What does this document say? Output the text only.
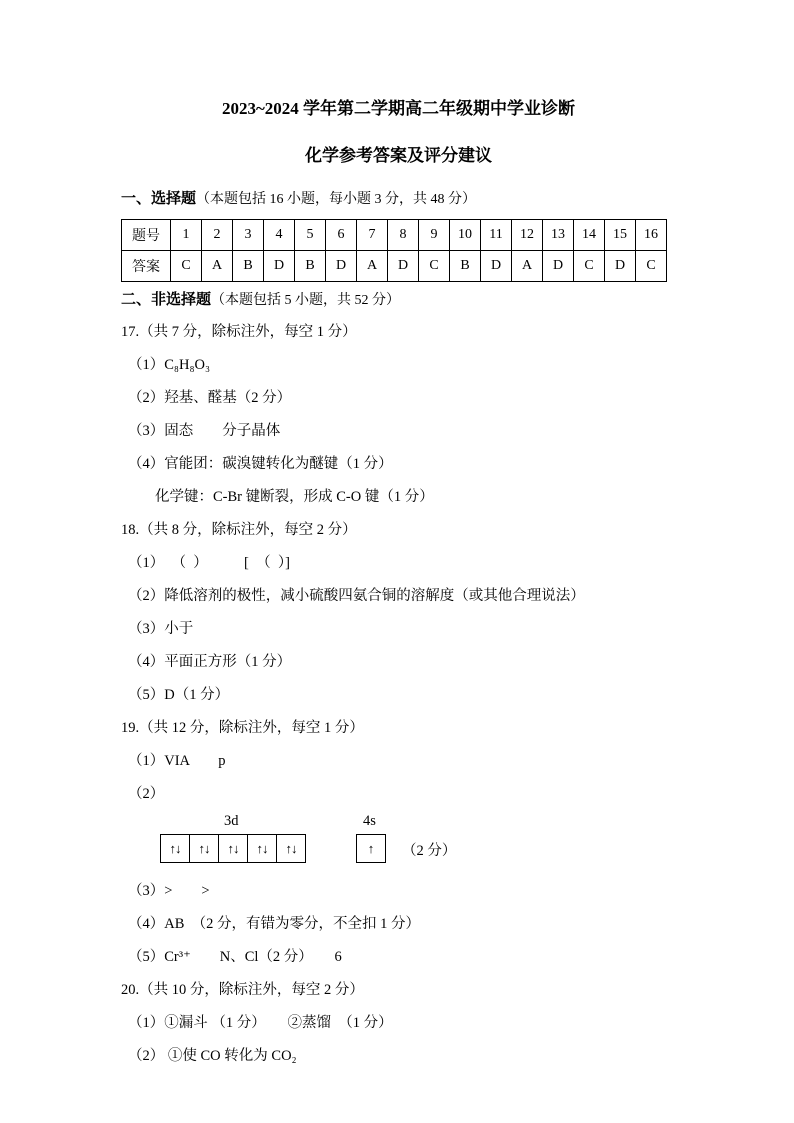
2023~2024 学年第二学期高二年级期中学业诊断
化学参考答案及评分建议
一、选择题（本题包括 16 小题，每小题 3 分，共 48 分）
题号	1	2	3	4	5	6	7	8	9	10	11	12	13	14	15	16
答案	C	A	B	D	B	D	A	D	C	B	D	A	D	C	D	C
二、非选择题（本题包括 5 小题，共 52 分）
17.（共 7 分，除标注外，每空 1 分）
（1）C₈H₈O₃
（2）羟基、醛基（2 分）
（3）固态        分子晶体
（4）官能团：碳溴键转化为醚键（1 分）
化学键：C-Br 键断裂，形成 C-O 键（1 分）
18.（共 8 分，除标注外，每空 2 分）
（1）  （  ）          [  （  ）]
（2）降低溶剂的极性，减小硫酸四氨合铜的溶解度（或其他合理说法）
（3）小于
（4）平面正方形（1 分）
（5）D（1 分）
19.（共 12 分，除标注外，每空 1 分）
（1）VIA        p
（2）
3d	4s
↑↓ ↑↓ ↑↓ ↑↓ ↑↓	↑	（2 分）
（3）>        >
（4）AB  （2 分，有错为零分，不全扣 1 分）
（5）Cr³⁺        N、Cl（2 分）      6
20.（共 10 分，除标注外，每空 2 分）
（1）①漏斗 （1 分）      ②蒸馏  （1 分）
（2） ①使 CO 转化为 CO₂
